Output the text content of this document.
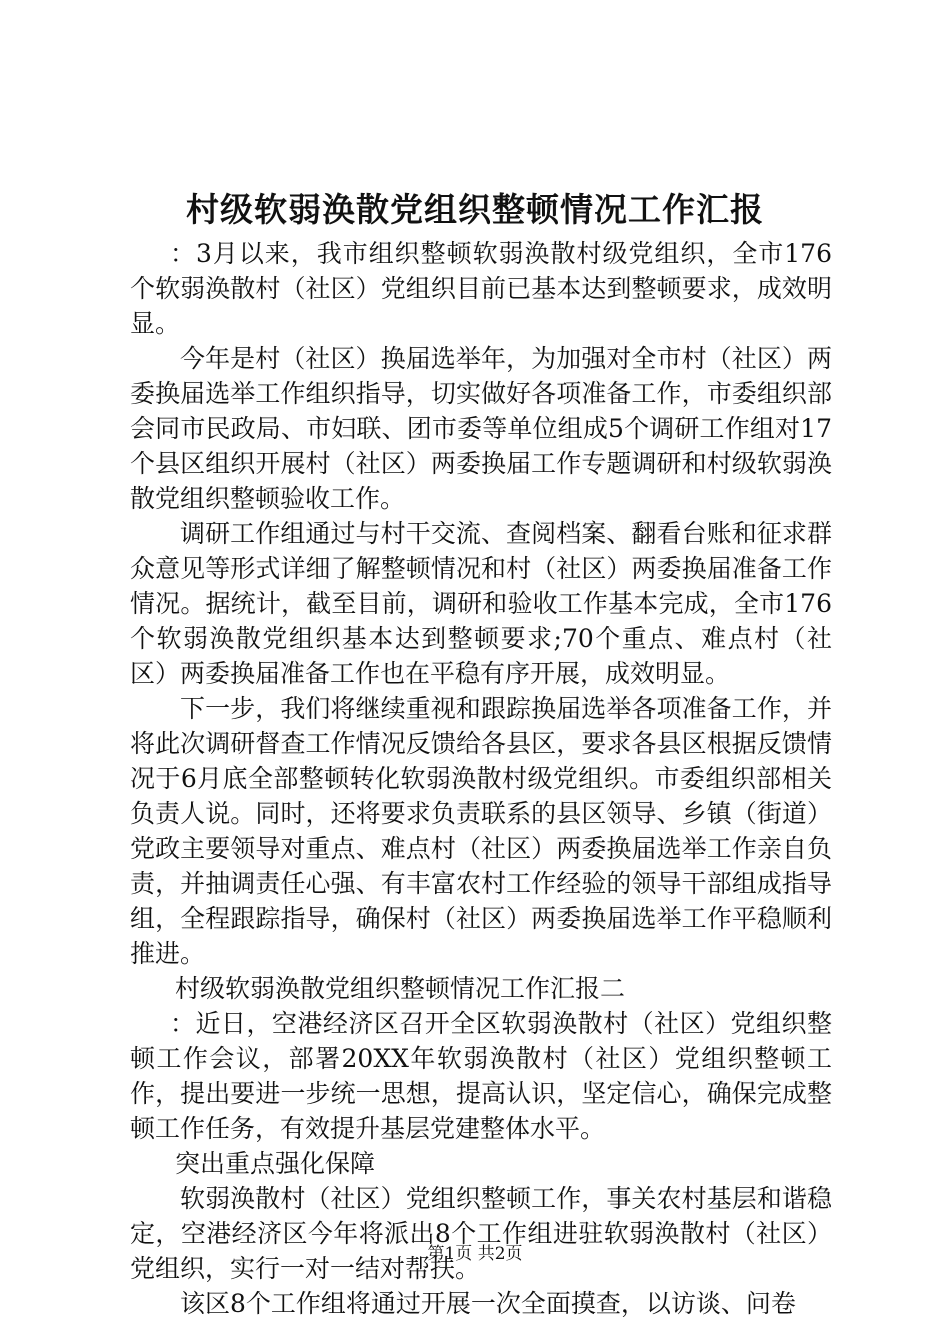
村级软弱涣散党组织整顿情况工作汇报

：3月以来，我市组织整顿软弱涣散村级党组织，全市176个软弱涣散村（社区）党组织目前已基本达到整顿要求，成效明显。

今年是村（社区）换届选举年，为加强对全市村（社区）两委换届选举工作组织指导，切实做好各项准备工作，市委组织部会同市民政局、市妇联、团市委等单位组成5个调研工作组对17个县区组织开展村（社区）两委换届工作专题调研和村级软弱涣散党组织整顿验收工作。

调研工作组通过与村干交流、查阅档案、翻看台账和征求群众意见等形式详细了解整顿情况和村（社区）两委换届准备工作情况。据统计，截至目前，调研和验收工作基本完成，全市176个软弱涣散党组织基本达到整顿要求;70个重点、难点村（社区）两委换届准备工作也在平稳有序开展，成效明显。

下一步，我们将继续重视和跟踪换届选举各项准备工作，并将此次调研督查工作情况反馈给各县区，要求各县区根据反馈情况于6月底全部整顿转化软弱涣散村级党组织。市委组织部相关负责人说。同时，还将要求负责联系的县区领导、乡镇（街道）党政主要领导对重点、难点村（社区）两委换届选举工作亲自负责，并抽调责任心强、有丰富农村工作经验的领导干部组成指导组，全程跟踪指导，确保村（社区）两委换届选举工作平稳顺利推进。

村级软弱涣散党组织整顿情况工作汇报二

：近日，空港经济区召开全区软弱涣散村（社区）党组织整顿工作会议，部署20XX年软弱涣散村（社区）党组织整顿工作，提出要进一步统一思想，提高认识，坚定信心，确保完成整顿工作任务，有效提升基层党建整体水平。

突出重点强化保障

软弱涣散村（社区）党组织整顿工作，事关农村基层和谐稳定，空港经济区今年将派出8个工作组进驻软弱涣散村（社区）党组织，实行一对一结对帮扶。

该区8个工作组将通过开展一次全面摸查，以访谈、问卷

第1页 共2页
